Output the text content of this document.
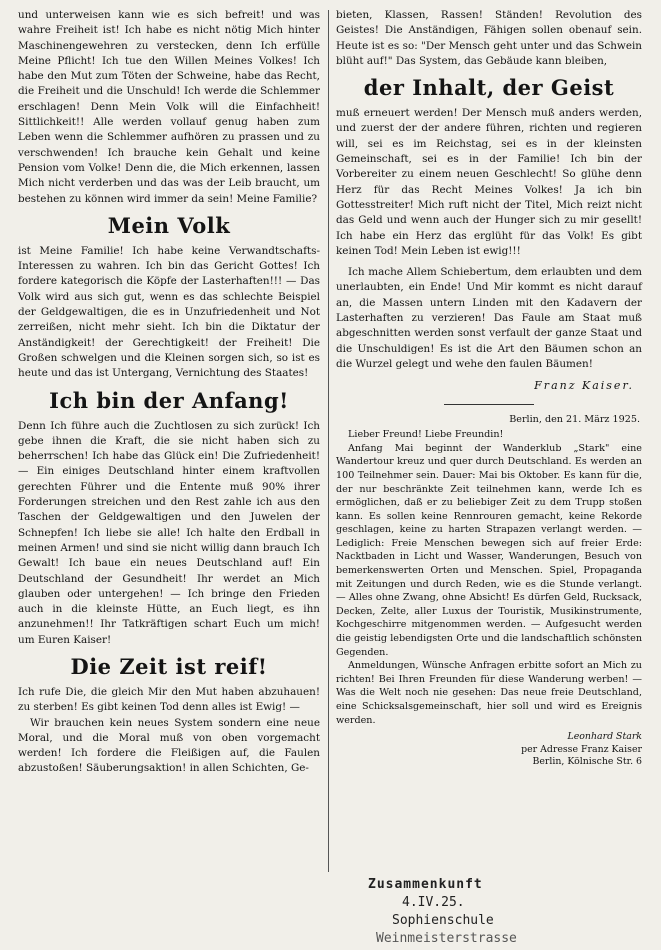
und unterweisen kann wie es sich befreit! und was wahre Freiheit ist! Ich habe es nicht nötig Mich hinter Maschinengewehren zu verstecken, denn Ich erfülle Meine Pflicht! Ich tue den Willen Meines Volkes! Ich habe den Mut zum Töten der Schweine, habe das Recht, die Freiheit und die Unschuld! Ich werde die Schlemmer erschlagen! Denn Mein Volk will die Einfachheit! Sittlichkeit!! Alle werden vollauf genug haben zum Leben wenn die Schlemmer aufhören zu prassen und zu verschwenden! Ich brauche kein Gehalt und keine Pension vom Volke! Denn die, die Mich erkennen, lassen Mich nicht verderben und das was der Leib braucht, um bestehen zu können wird immer da sein! Meine Familie?

Mein Volk

ist Meine Familie! Ich habe keine Verwandtschafts-Interessen zu wahren. Ich bin das Gericht Gottes! Ich fordere kategorisch die Köpfe der Lasterhaften!!! — Das Volk wird aus sich gut, wenn es das schlechte Beispiel der Geldgewaltigen, die es in Unzufriedenheit und Not zerreißen, nicht mehr sieht. Ich bin die Diktatur der Anständigkeit! der Gerechtigkeit! der Freiheit! Die Großen schwelgen und die Kleinen sorgen sich, so ist es heute und das ist Untergang, Vernichtung des Staates!

Ich bin der Anfang!

Denn Ich führe auch die Zuchtlosen zu sich zurück! Ich gebe ihnen die Kraft, die sie nicht haben sich zu beherrschen! Ich habe das Glück ein! Die Zufriedenheit! — Ein einiges Deutschland hinter einem kraftvollen gerechten Führer und die Entente muß 90% ihrer Forderungen streichen und den Rest zahle ich aus den Taschen der Geldgewaltigen und den Juwelen der Schnepfen! Ich liebe sie alle! Ich halte den Erdball in meinen Armen! und sind sie nicht willig dann brauch Ich Gewalt! Ich baue ein neues Deutschland auf! Ein Deutschland der Gesundheit! Ihr werdet an Mich glauben oder untergehen! — Ich bringe den Frieden auch in die kleinste Hütte, an Euch liegt, es ihn anzunehmen!! Ihr Tatkräftigen schart Euch um mich! um Euren Kaiser!

Die Zeit ist reif!

Ich rufe Die, die gleich Mir den Mut haben abzuhauen! zu sterben! Es gibt keinen Tod denn alles ist Ewig! —

Wir brauchen kein neues System sondern eine neue Moral, und die Moral muß von oben vorgemacht werden! Ich fordere die Fleißigen auf, die Faulen abzustoßen! Säuberungsaktion! in allen Schichten, Ge-

bieten, Klassen, Rassen! Ständen! Revolution des Geistes! Die Anständigen, Fähigen sollen obenauf sein. Heute ist es so: "Der Mensch geht unter und das Schwein blüht auf!" Das System, das Gebäude kann bleiben,

der Inhalt, der Geist

muß erneuert werden! Der Mensch muß anders werden, und zuerst der der andere führen, richten und regieren will, sei es im Reichstag, sei es in der kleinsten Gemeinschaft, sei es in der Familie! Ich bin der Vorbereiter zu einem neuen Geschlecht! So glühe denn Herz für das Recht Meines Volkes! Ja ich bin Gottesstreiter! Mich ruft nicht der Titel, Mich reizt nicht das Geld und wenn auch der Hunger sich zu mir gesellt! Ich habe ein Herz das erglüht für das Volk! Es gibt keinen Tod! Mein Leben ist ewig!!!

Ich mache Allem Schiebertum, dem erlaubten und dem unerlaubten, ein Ende! Und Mir kommt es nicht darauf an, die Massen untern Linden mit den Kadavern der Lasterhaften zu verzieren! Das Faule am Staat muß abgeschnitten werden sonst verfault der ganze Staat und die Unschuldigen! Es ist die Art den Bäumen schon an die Wurzel gelegt und wehe den faulen Bäumen!

Franz Kaiser.
Berlin, den 21. März 1925.

Lieber Freund! Liebe Freundin!

Anfang Mai beginnt der Wanderklub „Stark" eine Wandertour kreuz und quer durch Deutschland. Es werden an 100 Teilnehmer sein. Dauer: Mai bis Oktober. Es kann für die, der nur beschränkte Zeit teilnehmen kann, werde Ich es ermöglichen, daß er zu beliebiger Zeit zu dem Trupp stoßen kann. Es sollen keine Rennrouren gemacht, keine Rekorde geschlagen, keine zu harten Strapazen verlangt werden. — Lediglich: Freie Menschen bewegen sich auf freier Erde: Nacktbaden in Licht und Wasser, Wanderungen, Besuch von bemerkenswerten Orten und Menschen. Spiel, Propaganda mit Zeitungen und durch Reden, wie es die Stunde verlangt. — Alles ohne Zwang, ohne Absicht! Es dürfen Geld, Rucksack, Decken, Zelte, aller Luxus der Touristik, Musikinstrumente, Kochgeschirre mitgenommen werden. — Aufgesucht werden die geistig lebendigsten Orte und die landschaftlich schönsten Gegenden.

Anmeldungen, Wünsche Anfragen erbitte sofort an Mich zu richten! Bei Ihren Freunden für diese Wanderung werben! — Was die Welt noch nie gesehen: Das neue freie Deutschland, eine Schicksalsgemeinschaft, hier soll und wird es Ereignis werden.

Leonhard Stark
per Adresse Franz Kaiser
Berlin, Kölnische Str. 6
Zusammenkunft
4.IV.25.
Sophienschule
Weinmeisterstrasse
